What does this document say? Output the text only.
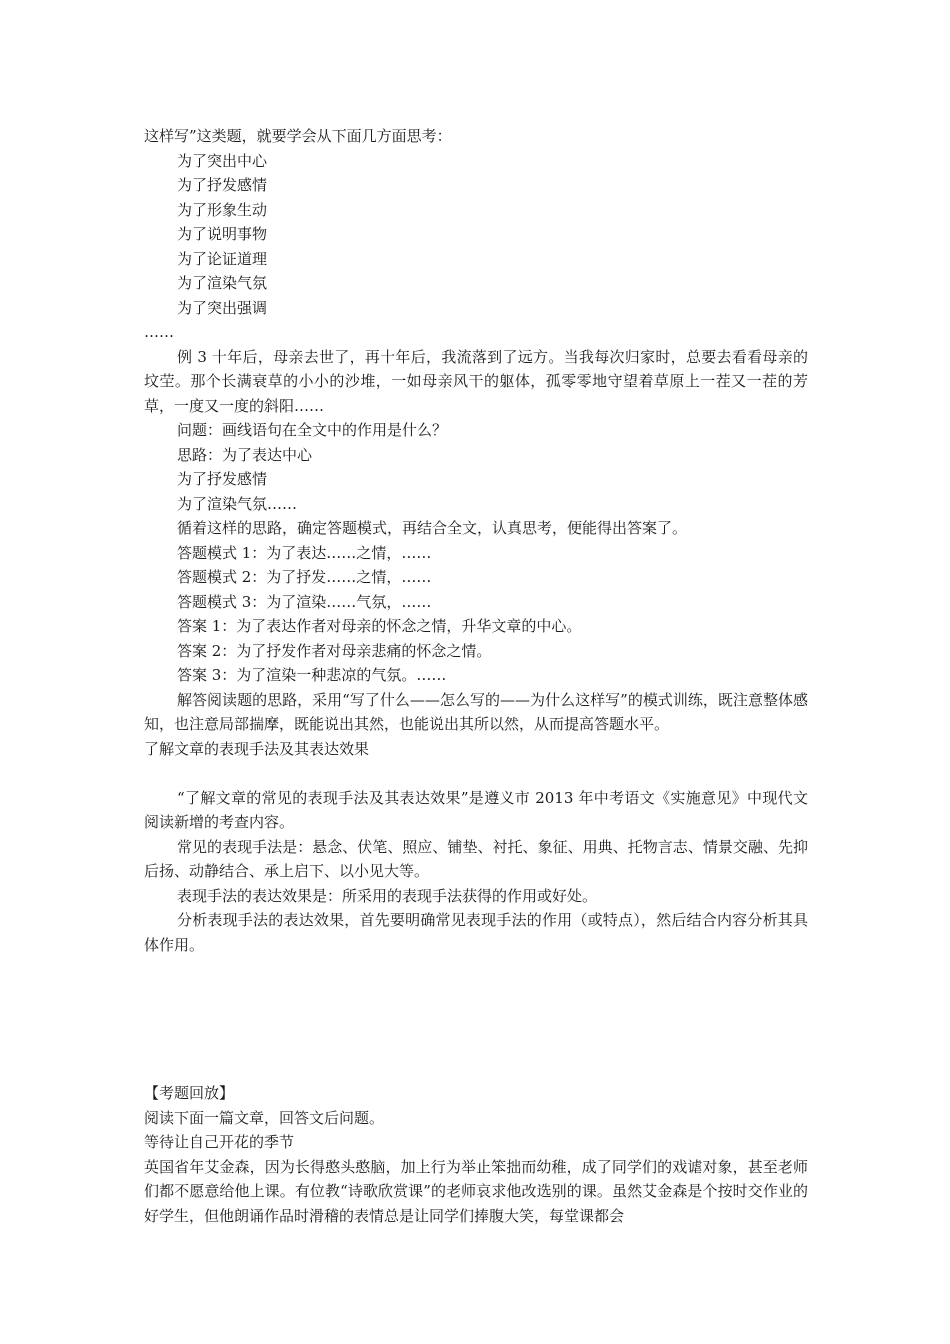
这样写”这类题，就要学会从下面几方面思考：
为了突出中心
为了抒发感情
为了形象生动
为了说明事物
为了论证道理
为了渲染气氛
为了突出强调
……
例 3 十年后，母亲去世了，再十年后，我流落到了远方。当我每次归家时，总要去看看母亲的坟茔。那个长满衰草的小小的沙堆，一如母亲风干的躯体，孤零零地守望着草原上一茬又一茬的芳草，一度又一度的斜阳……
问题：画线语句在全文中的作用是什么？
思路：为了表达中心
为了抒发感情
为了渲染气氛……
循着这样的思路，确定答题模式，再结合全文，认真思考，便能得出答案了。
答题模式 1：为了表达……之情，……
答题模式 2：为了抒发……之情，……
答题模式 3：为了渲染……气氛，……
答案 1：为了表达作者对母亲的怀念之情，升华文章的中心。
答案 2：为了抒发作者对母亲悲痛的怀念之情。
答案 3：为了渲染一种悲凉的气氛。……
解答阅读题的思路，采用“写了什么——怎么写的——为什么这样写”的模式训练，既注意整体感知，也注意局部揣摩，既能说出其然，也能说出其所以然，从而提高答题水平。
了解文章的表现手法及其表达效果
“了解文章的常见的表现手法及其表达效果”是遵义市 2013 年中考语文《实施意见》中现代文阅读新增的考查内容。
常见的表现手法是：悬念、伏笔、照应、铺垫、衬托、象征、用典、托物言志、情景交融、先抑后扬、动静结合、承上启下、以小见大等。
表现手法的表达效果是：所采用的表现手法获得的作用或好处。
分析表现手法的表达效果，首先要明确常见表现手法的作用（或特点），然后结合内容分析其具体作用。
【考题回放】
阅读下面一篇文章，回答文后问题。
等待让自己开花的季节
英国省年艾金森，因为长得憨头憨脑，加上行为举止笨拙而幼稚，成了同学们的戏谑对象，甚至老师们都不愿意给他上课。有位教“诗歌欣赏课”的老师哀求他改选别的课。虽然艾金森是个按时交作业的好学生，但他朗诵作品时滑稽的表情总是让同学们捧腹大笑，每堂课都会
